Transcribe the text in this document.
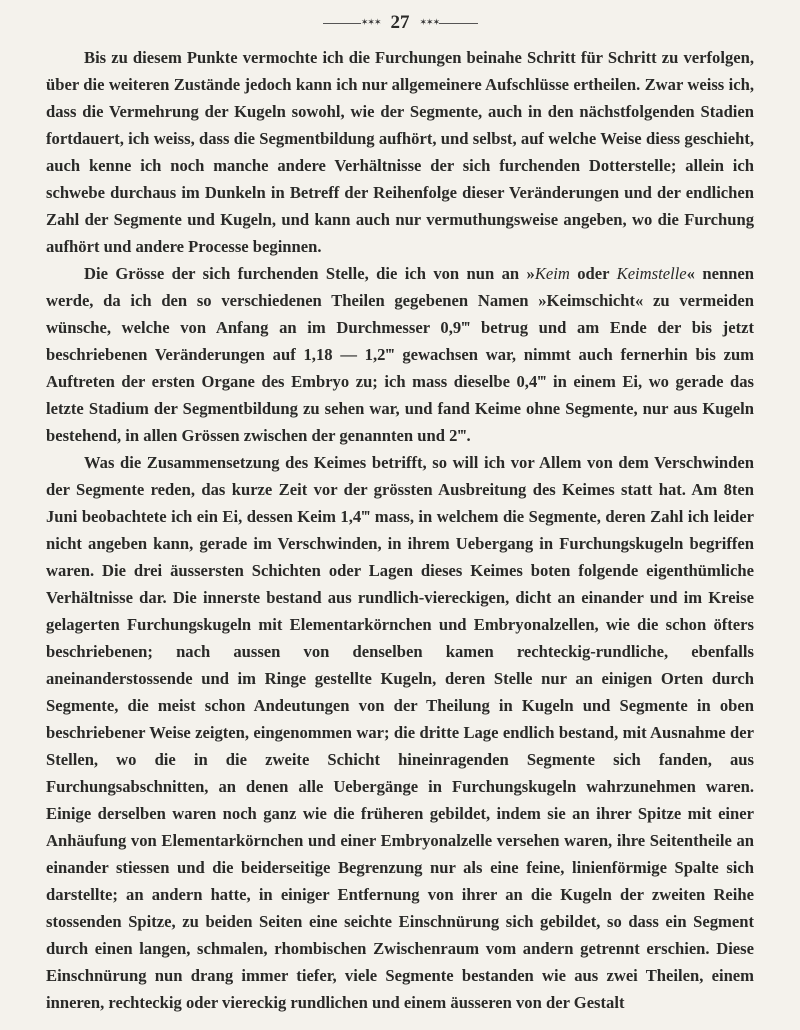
✶✶✶ 27 ✶✶✶

Bis zu diesem Punkte vermochte ich die Furchungen beinahe Schritt für Schritt zu verfolgen, über die weiteren Zustände jedoch kann ich nur allgemeinere Aufschlüsse ertheilen. Zwar weiss ich, dass die Vermehrung der Kugeln sowohl, wie der Segmente, auch in den nächstfolgenden Stadien fortdauert, ich weiss, dass die Segmentbildung aufhört, und selbst, auf welche Weise diess geschieht, auch kenne ich noch manche andere Verhältnisse der sich furchenden Dotterstelle; allein ich schwebe durchaus im Dunkeln in Betreff der Reihenfolge dieser Veränderungen und der endlichen Zahl der Segmente und Kugeln, und kann auch nur vermuthungsweise angeben, wo die Furchung aufhört und andere Processe beginnen.

Die Grösse der sich furchenden Stelle, die ich von nun an »Keim oder Keimstelle« nennen werde, da ich den so verschiedenen Theilen gegebenen Namen »Keimschicht« zu vermeiden wünsche, welche von Anfang an im Durchmesser 0,9‴ betrug und am Ende der bis jetzt beschriebenen Veränderungen auf 1,18 — 1,2‴ gewachsen war, nimmt auch fernerhin bis zum Auftreten der ersten Organe des Embryo zu; ich mass dieselbe 0,4‴ in einem Ei, wo gerade das letzte Stadium der Segmentbildung zu sehen war, und fand Keime ohne Segmente, nur aus Kugeln bestehend, in allen Grössen zwischen der genannten und 2‴.

Was die Zusammensetzung des Keimes betrifft, so will ich vor Allem von dem Verschwinden der Segmente reden, das kurze Zeit vor der grössten Ausbreitung des Keimes statt hat. Am 8ten Juni beobachtete ich ein Ei, dessen Keim 1,4‴ mass, in welchem die Segmente, deren Zahl ich leider nicht angeben kann, gerade im Verschwinden, in ihrem Uebergang in Furchungskugeln begriffen waren. Die drei äussersten Schichten oder Lagen dieses Keimes boten folgende eigenthümliche Verhältnisse dar. Die innerste bestand aus rundlich-viereckigen, dicht an einander und im Kreise gelagerten Furchungskugeln mit Elementarkörnchen und Embryonalzellen, wie die schon öfters beschriebenen; nach aussen von denselben kamen rechteckig-rundliche, ebenfalls aneinanderstossende und im Ringe gestellte Kugeln, deren Stelle nur an einigen Orten durch Segmente, die meist schon Andeutungen von der Theilung in Kugeln und Segmente in oben beschriebener Weise zeigten, eingenommen war; die dritte Lage endlich bestand, mit Ausnahme der Stellen, wo die in die zweite Schicht hineinragenden Segmente sich fanden, aus Furchungsabschnitten, an denen alle Uebergänge in Furchungskugeln wahrzunehmen waren. Einige derselben waren noch ganz wie die früheren gebildet, indem sie an ihrer Spitze mit einer Anhäufung von Elementarkörnchen und einer Embryonalzelle versehen waren, ihre Seitentheile an einander stiessen und die beiderseitige Begrenzung nur als eine feine, linienförmige Spalte sich darstellte; an andern hatte, in einiger Entfernung von ihrer an die Kugeln der zweiten Reihe stossenden Spitze, zu beiden Seiten eine seichte Einschnürung sich gebildet, so dass ein Segment durch einen langen, schmalen, rhombischen Zwischenraum vom andern getrennt erschien. Diese Einschnürung nun drang immer tiefer, viele Segmente bestanden wie aus zwei Theilen, einem inneren, rechteckig oder viereckig rundlichen und einem äusseren von der Gestalt
